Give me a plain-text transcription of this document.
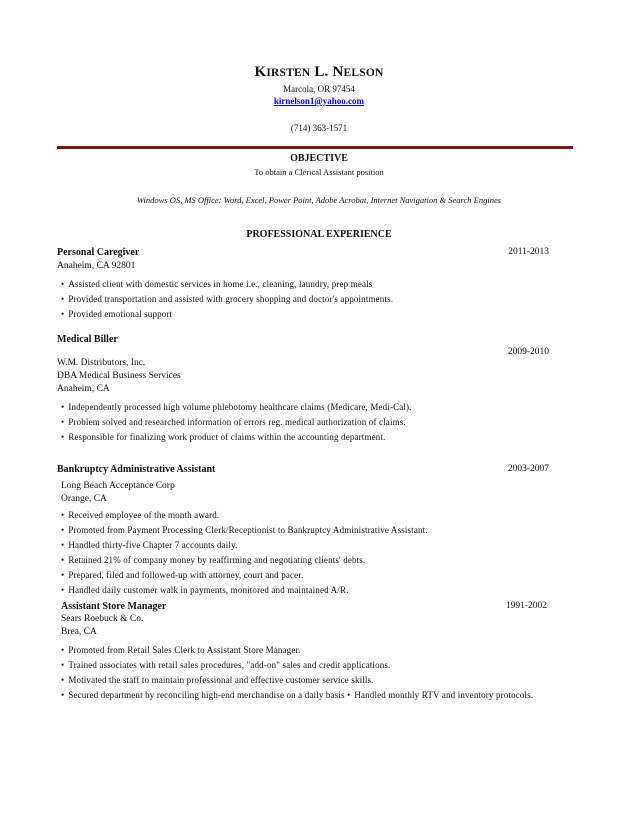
KIRSTEN L. NELSON
Marcola, OR 97454
kirnelson1@yahoo.com
(714) 363-1571
OBJECTIVE
To obtain a Clerical Assistant position
Windows OS, MS Office: Word, Excel, Power Point, Adobe Acrobat, Internet Navigation & Search Engines
PROFESSIONAL EXPERIENCE
Personal Caregiver	2011-2013
Anaheim, CA 92801
• Assisted client with domestic services in home i.e., cleaning, laundry, prep meals
• Provided transportation and assisted with grocery shopping and doctor's appointments.
• Provided emotional support
Medical Biller
2009-2010
W.M. Distributors, Inc.
DBA Medical Business Services
Anaheim, CA
• Independently processed high volume phlebotomy healthcare claims (Medicare, Medi-Cal).
• Problem solved and researched information of errors reg. medical authorization of claims.
• Responsible for finalizing work product of claims within the accounting department.
Bankruptcy Administrative Assistant	2003-2007
Long Beach Acceptance Corp
Orange, CA
• Received employee of the month award.
• Promoted from Payment Processing Clerk/Receptionist to Bankruptcy Administrative Assistant.
• Handled thirty-five Chapter 7 accounts daily.
• Retained 21% of company money by reaffirming and negotiating clients' debts.
• Prepared, filed and followed-up with attorney, court and pacer.
• Handled daily customer walk in payments, monitored and maintained A/R.
Assistant Store Manager	1991-2002
Sears Roebuck & Co.
Brea, CA
• Promoted from Retail Sales Clerk to Assistant Store Manager.
• Trained associates with retail sales procedures, "add-on" sales and credit applications.
• Motivated the staff to maintain professional and effective customer service skills.
• Secured department by reconciling high-end merchandise on a daily basis • Handled monthly RTV and inventory protocols.
